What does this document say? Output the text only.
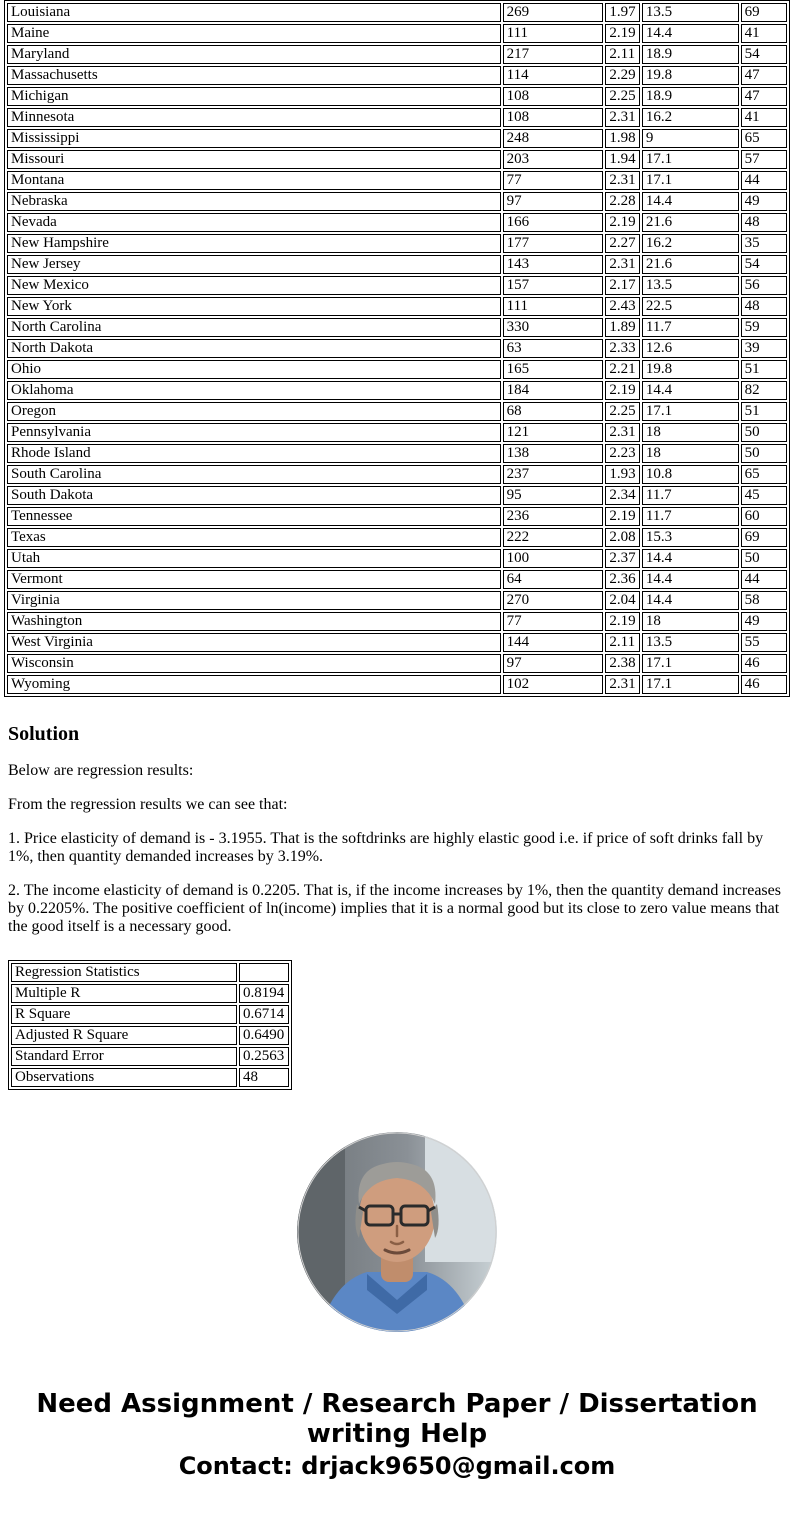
Louisiana	269	1.97	13.5	69
Maine	111	2.19	14.4	41
Maryland	217	2.11	18.9	54
Massachusetts	114	2.29	19.8	47
Michigan	108	2.25	18.9	47
Minnesota	108	2.31	16.2	41
Mississippi	248	1.98	9	65
Missouri	203	1.94	17.1	57
Montana	77	2.31	17.1	44
Nebraska	97	2.28	14.4	49
Nevada	166	2.19	21.6	48
New Hampshire	177	2.27	16.2	35
New Jersey	143	2.31	21.6	54
New Mexico	157	2.17	13.5	56
New York	111	2.43	22.5	48
North Carolina	330	1.89	11.7	59
North Dakota	63	2.33	12.6	39
Ohio	165	2.21	19.8	51
Oklahoma	184	2.19	14.4	82
Oregon	68	2.25	17.1	51
Pennsylvania	121	2.31	18	50
Rhode Island	138	2.23	18	50
South Carolina	237	1.93	10.8	65
South Dakota	95	2.34	11.7	45
Tennessee	236	2.19	11.7	60
Texas	222	2.08	15.3	69
Utah	100	2.37	14.4	50
Vermont	64	2.36	14.4	44
Virginia	270	2.04	14.4	58
Washington	77	2.19	18	49
West Virginia	144	2.11	13.5	55
Wisconsin	97	2.38	17.1	46
Wyoming	102	2.31	17.1	46
Solution

Below are regression results:

From the regression results we can see that:

1. Price elasticity of demand is - 3.1955. That is the softdrinks are highly elastic good i.e. if price of soft drinks fall by 1%, then quantity demanded increases by 3.19%.

2. The income elasticity of demand is 0.2205. That is, if the income increases by 1%, then the quantity demand increases by 0.2205%. The positive coefficient of ln(income) implies that it is a normal good but its close to zero value means that the good itself is a necessary good.

Regression Statistics	
Multiple R	0.8194
R Square	0.6714
Adjusted R Square	0.6490
Standard Error	0.2563
Observations	48
Need Assignment / Research Paper / Dissertation writing Help
Contact: drjack9650@gmail.com
